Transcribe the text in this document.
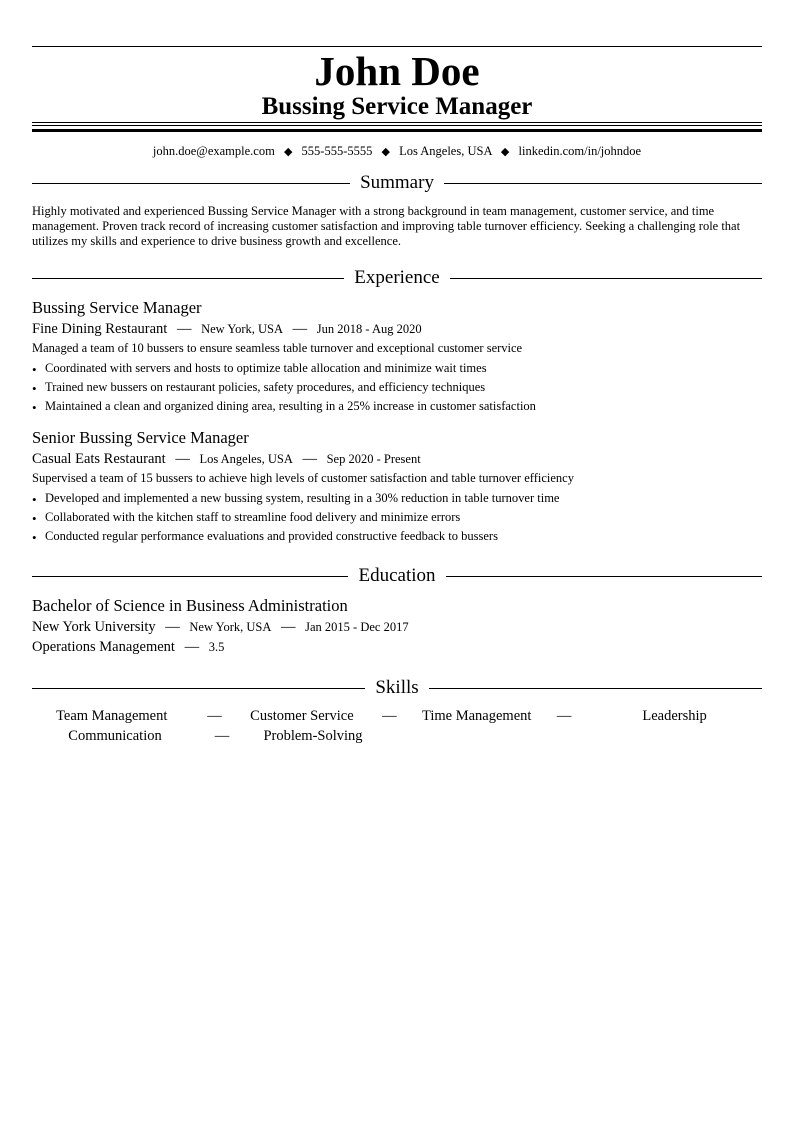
John Doe
Bussing Service Manager
john.doe@example.com ◆ 555-555-5555 ◆ Los Angeles, USA ◆ linkedin.com/in/johndoe
Summary
Highly motivated and experienced Bussing Service Manager with a strong background in team management, customer service, and time management. Proven track record of increasing customer satisfaction and improving table turnover efficiency. Seeking a challenging role that utilizes my skills and experience to drive business growth and excellence.
Experience
Bussing Service Manager
Fine Dining Restaurant — New York, USA — Jun 2018 - Aug 2020
Managed a team of 10 bussers to ensure seamless table turnover and exceptional customer service
• Coordinated with servers and hosts to optimize table allocation and minimize wait times
• Trained new bussers on restaurant policies, safety procedures, and efficiency techniques
• Maintained a clean and organized dining area, resulting in a 25% increase in customer satisfaction
Senior Bussing Service Manager
Casual Eats Restaurant — Los Angeles, USA — Sep 2020 - Present
Supervised a team of 15 bussers to achieve high levels of customer satisfaction and table turnover efficiency
• Developed and implemented a new bussing system, resulting in a 30% reduction in table turnover time
• Collaborated with the kitchen staff to streamline food delivery and minimize errors
• Conducted regular performance evaluations and provided constructive feedback to bussers
Education
Bachelor of Science in Business Administration
New York University — New York, USA — Jan 2015 - Dec 2017
Operations Management — 3.5
Skills
Team Management	—	Customer Service	—	Time Management	—	Leadership
Communication	—	Problem-Solving
